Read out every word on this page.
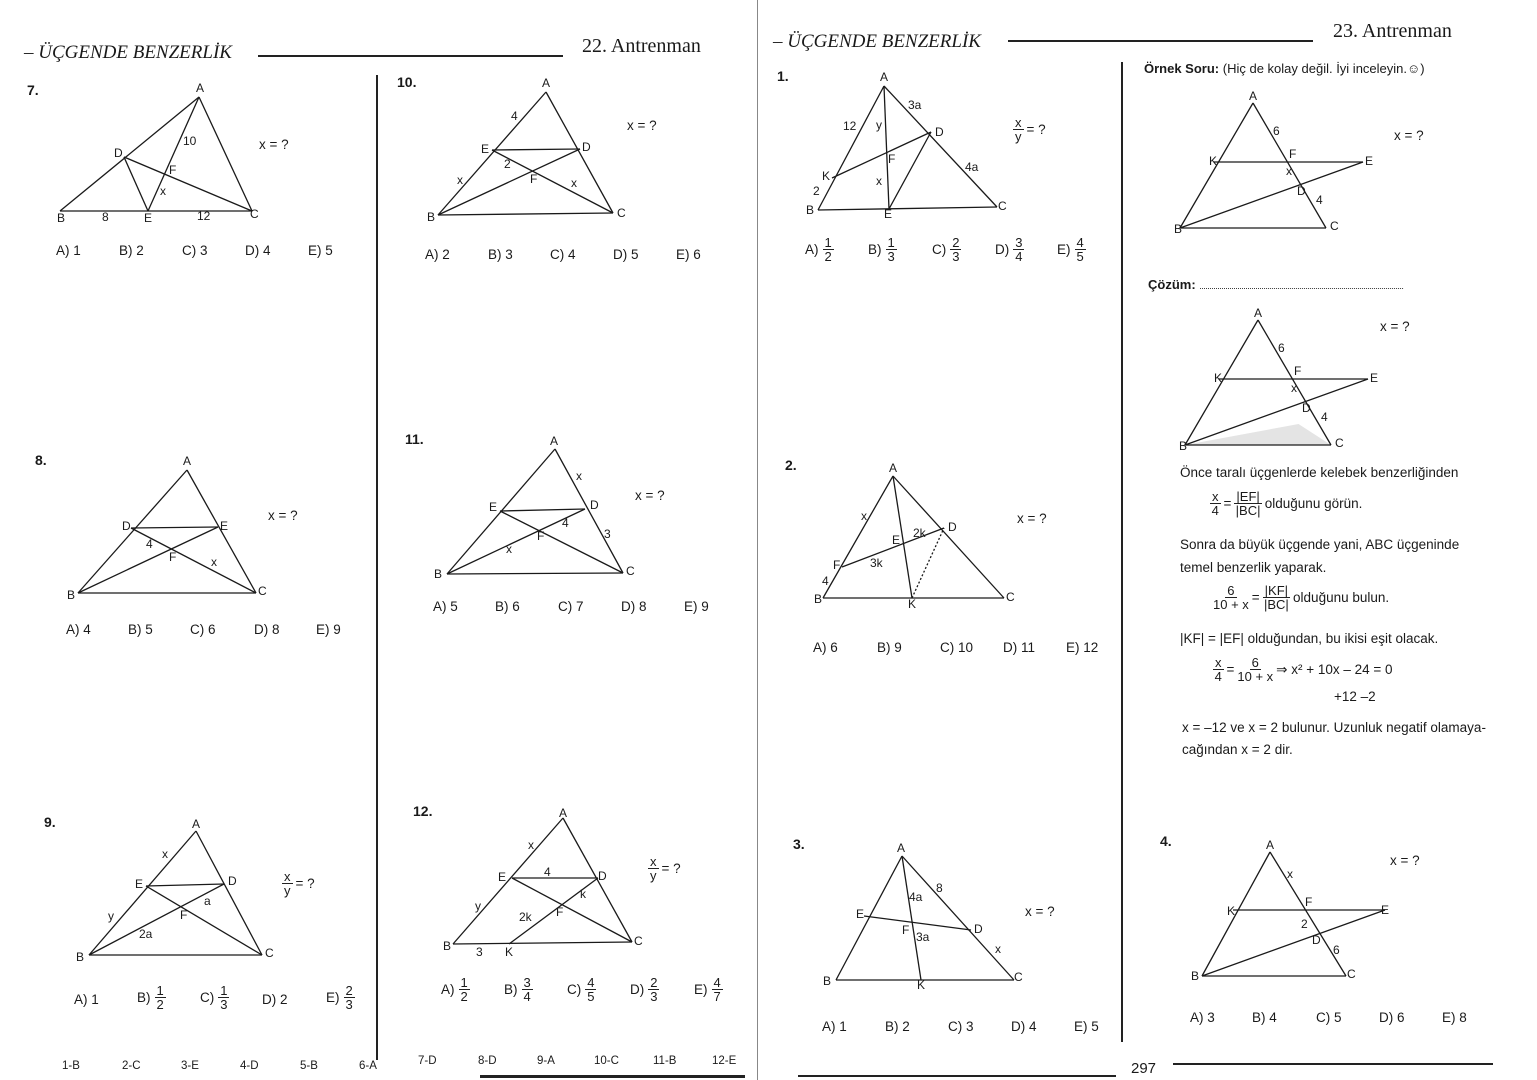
– ÜÇGENDE BENZERLİK	22. Antrenman	– ÜÇGENDE BENZERLİK	23. Antrenman
Örnek Soru: (Hiç de kolay değil. İyi inceleyin.☺)
Çözüm: ......................................................................................................
Önce taralı üçgenlerde kelebek benzerliğinden
$\frac{x}{4} = \frac{|EF|}{|BC|}$ olduğunu görün.
Sonra da büyük üçgende yani, ABC üçgeninde
temel benzerlik yaparak.
$\frac{6}{10 + x} = \frac{|KF|}{|BC|}$ olduğunu bulun.
|KF| = |EF| olduğundan, bu ikisi eşit olacak.
$\frac{x}{4} = \frac{6}{10 + x}$ ⇒ x² + 10x – 24 = 0
+12 –2
x = –12 ve x = 2 bulunur. Uzunluk negatif olamaya-
cağından x = 2 dir.
297
A
D
10
F
x
B	8	E	12	C
7.
x = ?
A) 1	B) 2	C) 3	D) 4	E) 5
A
4
E	D
2
F
x	x
B	C
10.
x = ?
A) 2	B) 3	C) 4	D) 5	E) 6
A
D	E
4
F	x
B	C
8.
x = ?
A) 4	B) 5	C) 6	D) 8	E) 9
A
x
E	D
4
F	3
x
B	C
11.
x = ?
A) 5	B) 6	C) 7	D) 8	E) 9
A
x
E	D
a
F
y
2a
B	C
9.
$\frac{x}{y}$ = ?
A) 1	$B) \frac{1}{2}$	$C) \frac{1}{3} D$) 2	$E) \frac{2}{3}$
A
x
E	4	D
k
y
2k F
B 3 K
C
12.
$\frac{x}{y}$ = ?
$A) \frac{1}{2}$	$B) \frac{3}{4}$	$C) \frac{4}{5} D) \frac{2}{3}$	$E) \frac{4}{7}$
A
3a
12 y	D
4a
F
K	x
2
B	E
C
1.
$\frac{x}{y}$ = ?
$A) \frac{1}{2}$	$B) \frac{1}{3}$	$C) \frac{2}{3} D) \frac{3}{4} E) \frac{4}{5}$
A
x
E 2k D
3k
F
4
B	K	C
2.
x = ?
A) 6	B) 9	C) 10 D) 11 E) 12
A
4a
8
E
F 3a
D
x
B	K
C
3.
x = ?
A) 1	B) 2	C) 3	D) 4	E) 5
A
6
K	F
x
E
D
4
B	C
x = ?
A
6
K	F
x
E
D
4
B	C
x = ?
A
x
K
F
2
E
D
6
B	C
4.
x = ?
A) 3	B) 4	C) 5	D) 6	E) 8
1-B	2-C	3-E	4-D	5-B	6-A	7-D	8-D	9-A	10-C	11-B	12-E
